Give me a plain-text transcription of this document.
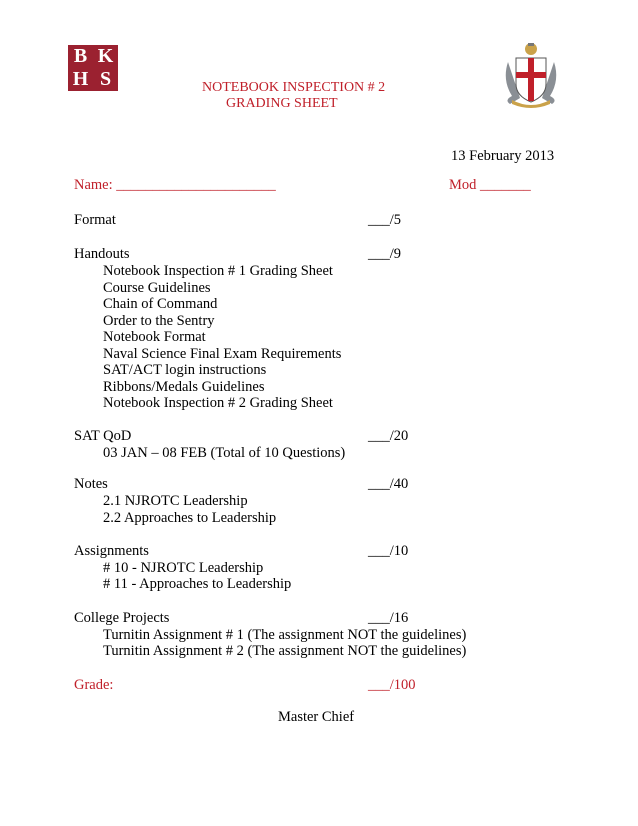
B K
H S	NOTEBOOK INSPECTION # 2
GRADING SHEET
13 February 2013
Name: ______________________	Mod _______
Format	___/5
Handouts	___/9
Notebook Inspection # 1 Grading Sheet
Course Guidelines
Chain of Command
Order to the Sentry
Notebook Format
Naval Science Final Exam Requirements
SAT/ACT login instructions
Ribbons/Medals Guidelines
Notebook Inspection # 2 Grading Sheet
SAT QoD	___/20
03 JAN – 08 FEB (Total of 10 Questions)
Notes	___/40
2.1 NJROTC Leadership
2.2 Approaches to Leadership
Assignments	___/10
# 10 - NJROTC Leadership
# 11 - Approaches to Leadership
College Projects	___/16
Turnitin Assignment # 1 (The assignment NOT the guidelines)
Turnitin Assignment # 2 (The assignment NOT the guidelines)
Grade:	___/100
Master Chief
